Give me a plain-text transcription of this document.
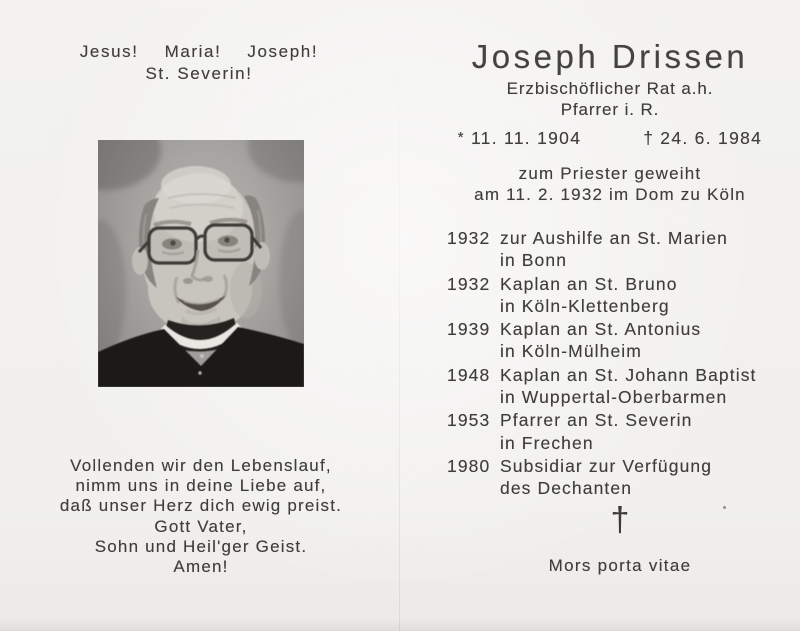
Jesus! Maria! Joseph!
St. Severin!
Vollenden wir den Lebenslauf,
nimm uns in deine Liebe auf,
daß unser Herz dich ewig preist.
Gott Vater,
Sohn und Heil'ger Geist.
Amen!
Joseph Drissen
Erzbischöflicher Rat a.h.
Pfarrer i. R.
* 11. 11. 1904	† 24. 6. 1984
zum Priester geweiht
am 11. 2. 1932 im Dom zu Köln
1932 zur Aushilfe an St. Marien
in Bonn
1932 Kaplan an St. Bruno
in Köln-Klettenberg
1939 Kaplan an St. Antonius
in Köln-Mülheim
1948 Kaplan an St. Johann Baptist
in Wuppertal-Oberbarmen
1953 Pfarrer an St. Severin
in Frechen
1980 Subsidiar zur Verfügung
des Dechanten
†
Mors porta vitae
